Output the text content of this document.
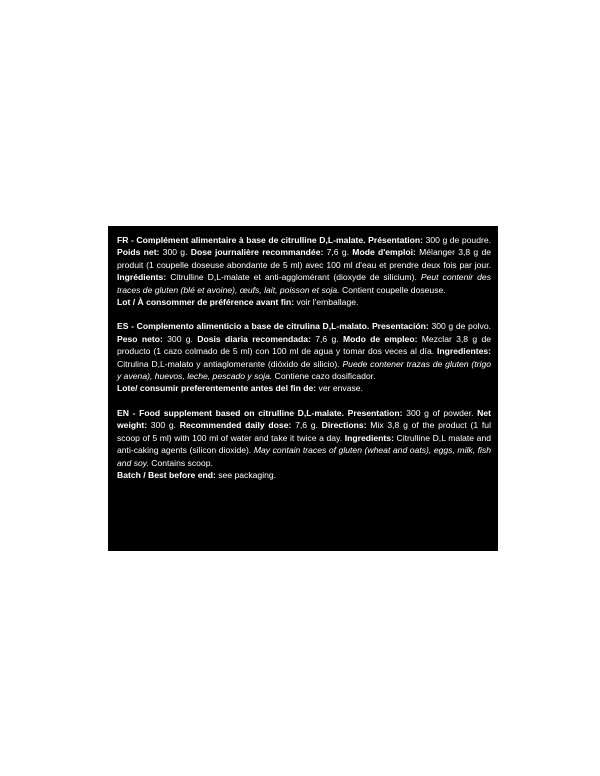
FR - Complément alimentaire à base de citrulline D,L-malate. Présentation: 300 g de poudre. Poids net: 300 g. Dose journalière recommandée: 7,6 g. Mode d'emploi: Mélanger 3,8 g de produit (1 coupelle doseuse abondante de 5 ml) avec 100 ml d'eau et prendre deux fois par jour. Ingrédients: Citrulline D,L-malate et anti-agglomérant (dioxyde de silicium). Peut contenir des traces de gluten (blé et avoine), œufs, lait, poisson et soja. Contient coupelle doseuse.

Lot / À consommer de préférence avant fin: voir l'emballage.

ES - Complemento alimenticio a base de citrulina D,L-malato. Presentación: 300 g de polvo. Peso neto: 300 g. Dosis diaria recomendada: 7,6 g. Modo de empleo: Mezclar 3,8 g de producto (1 cazo colmado de 5 ml) con 100 ml de agua y tomar dos veces al día. Ingredientes: Citrulina D,L-malato y antiaglomerante (dióxido de silicio). Puede contener trazas de gluten (trigo y avena), huevos, leche, pescado y soja. Contiene cazo dosificador.

Lote/ consumir preferentemente antes del fin de: ver envase.

EN - Food supplement based on citrulline D,L-malate. Presentation: 300 g of powder. Net weight: 300 g. Recommended daily dose: 7,6 g. Directions: Mix 3,8 g of the product (1 ful scoop of 5 ml) with 100 ml of water and take it twice a day. Ingredients: Citrulline D,L malate and anti-caking agents (silicon dioxide). May contain traces of gluten (wheat and oats), eggs, milk, fish and soy. Contains scoop.

Batch / Best before end: see packaging.
